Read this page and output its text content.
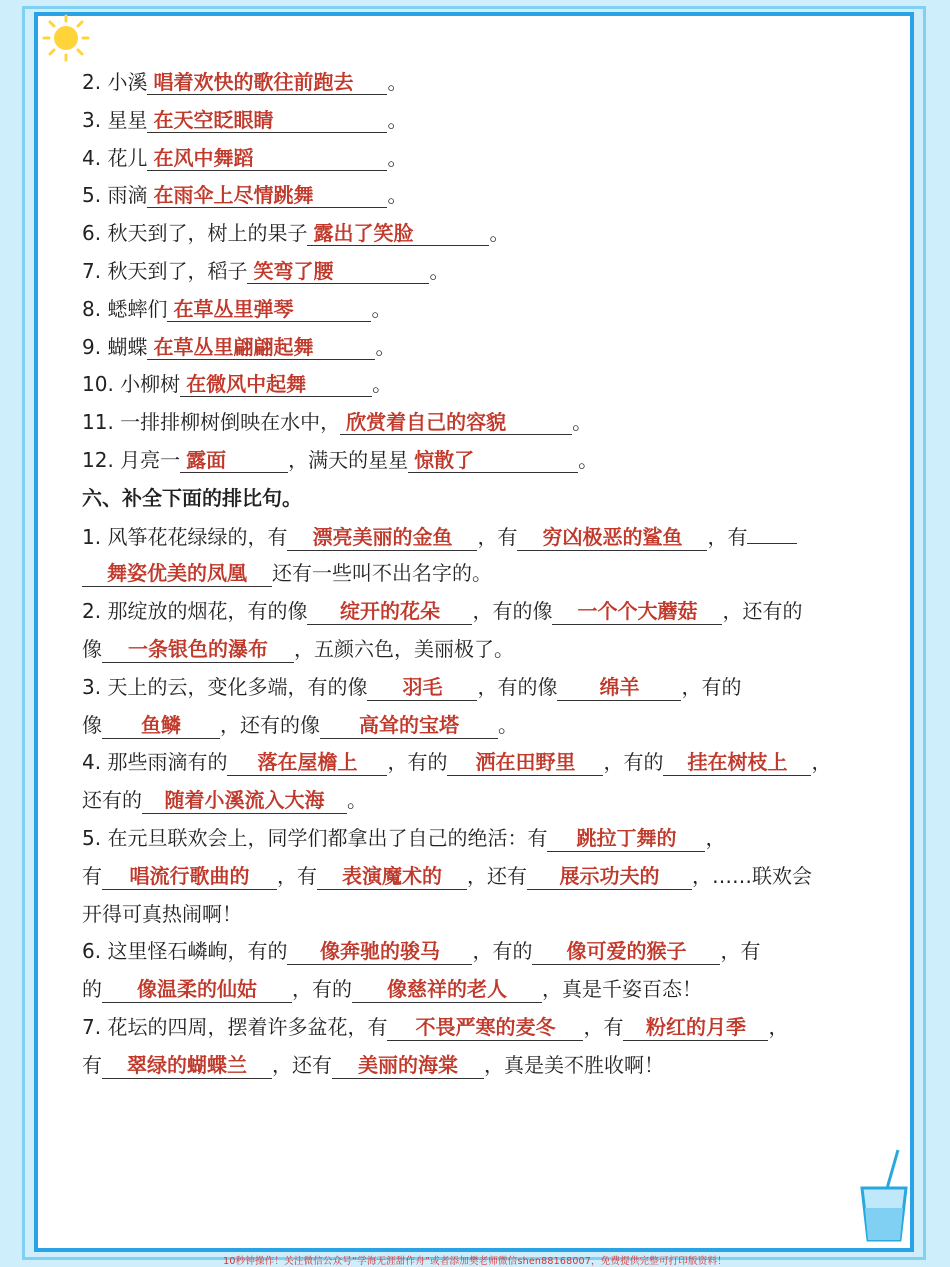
2. 小溪 唱着欢快的歌往前跑去 。
3. 星星 在天空眨眼睛	。
4. 花儿 在风中舞蹈	。
5. 雨滴 在雨伞上尽情跳舞	。
6. 秋天到了，树上的果子 露出了笑脸	。
7. 秋天到了，稻子 笑弯了腰	。
8. 蟋蟀们 在草丛里弹琴	。
9. 蝴蝶 在草丛里翩翩起舞	。
10. 小柳树 在微风中起舞	。
11. 一排排柳树倒映在水中， 欣赏着自己的容貌	。
12. 月亮一 露面	，满天的星星 惊散了	。
六、补全下面的排比句。
1. 风筝花花绿绿的，有 漂亮美丽的金鱼 ，有 穷凶极恶的鲨鱼 ，有
舞姿优美的凤凰 还有一些叫不出名字的。
2. 那绽放的烟花，有的像 绽开的花朵 ，有的像 一个个大蘑菇 ，还有的
像 一条银色的瀑布 ，五颜六色，美丽极了。
3. 天上的云，变化多端，有的像 羽毛 ，有的像 绵羊 ，有的
像 鱼鳞 ，还有的像 高耸的宝塔 。
4. 那些雨滴有的 落在屋檐上 ，有的 洒在田野里 ，有的 挂在树枝上 ，
还有的 随着小溪流入大海 。
5. 在元旦联欢会上，同学们都拿出了自己的绝活：有 跳拉丁舞的 ，
有 唱流行歌曲的 ，有 表演魔术的 ，还有 展示功夫的 ，……联欢会
开得可真热闹啊！
6. 这里怪石嶙峋，有的 像奔驰的骏马 ，有的 像可爱的猴子 ，有
的 像温柔的仙姑 ，有的 像慈祥的老人 ，真是千姿百态！
7. 花坛的四周，摆着许多盆花，有 不畏严寒的麦冬 ，有 粉红的月季 ，
有 翠绿的蝴蝶兰 ，还有 美丽的海棠 ，真是美不胜收啊！
10秒钟操作！关注微信公众号“学海无涯甜作舟”或者添加樊老师微信shen88168007，免费提供完整可打印版资料！
